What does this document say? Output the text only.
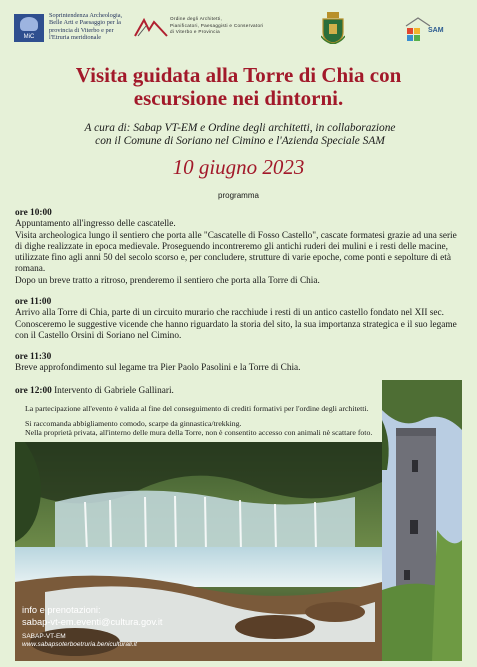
MiC
Soprintendenza Archeologia, Belle Arti e Paesaggio per la provincia di Viterbo e per l'Etruria meridionale
Ordine degli Architetti,
Pianificatori, Paesaggisti e Conservatori
di Viterbo e Provincia	SAM
Visita guidata alla Torre di Chia con
escursione nei dintorni.
A cura di: Sabap VT-EM e Ordine degli architetti, in collaborazione
con il Comune di Soriano nel Cimino e l'Azienda Speciale SAM
10 giugno 2023
programma

ore 10:00

Appuntamento all'ingresso delle cascatelle.

Visita archeologica lungo il sentiero che porta alle "Cascatelle di Fosso Castello", cascate formatesi grazie ad una serie di dighe realizzate in epoca medievale. Proseguendo incontreremo gli antichi ruderi dei mulini e i resti delle macine, utilizzate fino agli anni 50 del secolo scorso e, per concludere, strutture di varie epoche, come ponti e sepolture di età romana.

Dopo un breve tratto a ritroso, prenderemo il sentiero che porta alla Torre di Chia.

ore 11:00

Arrivo alla Torre di Chia, parte di un circuito murario che racchiude i resti di un antico castello fondato nel XII sec. Conosceremo le suggestive vicende che hanno riguardato la storia del sito, la sua importanza strategica e il suo legame con il Castello Orsini di Soriano nel Cimino.

ore 11:30

Breve approfondimento sul legame tra Pier Paolo Pasolini e la Torre di Chia.

ore 12:00 Intervento di Gabriele Gallinari.

La partecipazione all'evento è valida al fine del conseguimento di crediti formativi per l'ordine degli architetti.

Si raccomanda abbigliamento comodo, scarpe da ginnastica/trekking.

Nella proprietà privata, all'interno delle mura della Torre, non è consentito accesso con animali nè scattare foto.

info e prenotazioni:
sabap-vt-em.eventi@cultura.gov.it
SABAP-VT-EM
www.sabapsoterboetruria.beniculturali.it
